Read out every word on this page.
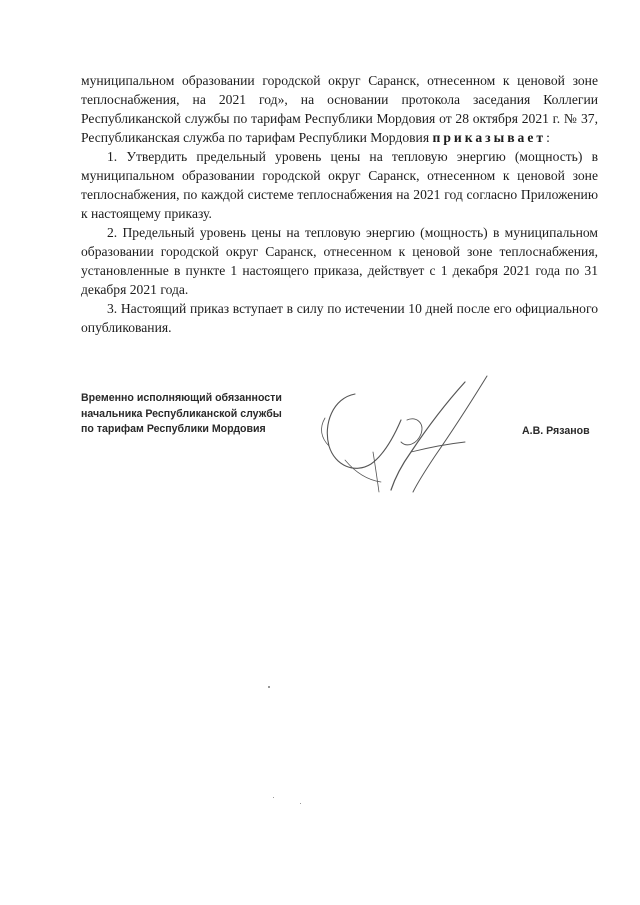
муниципальном образовании городской округ Саранск, отнесенном к ценовой зоне теплоснабжения, на 2021 год», на основании протокола заседания Коллегии Республиканской службы по тарифам Республики Мордовия от 28 октября 2021 г. № 37, Республиканская служба по тарифам Республики Мордовия приказывает:

1. Утвердить предельный уровень цены на тепловую энергию (мощность) в муниципальном образовании городской округ Саранск, отнесенном к ценовой зоне теплоснабжения, по каждой системе теплоснабжения на 2021 год согласно Приложению к настоящему приказу.

2. Предельный уровень цены на тепловую энергию (мощность) в муниципальном образовании городской округ Саранск, отнесенном к ценовой зоне теплоснабжения, установленные в пункте 1 настоящего приказа, действует с 1 декабря 2021 года по 31 декабря 2021 года.

3. Настоящий приказ вступает в силу по истечении 10 дней после его официального опубликования.

Временно исполняющий обязанности
начальника Республиканской службы
по тарифам Республики Мордовия	А.В. Рязанов
